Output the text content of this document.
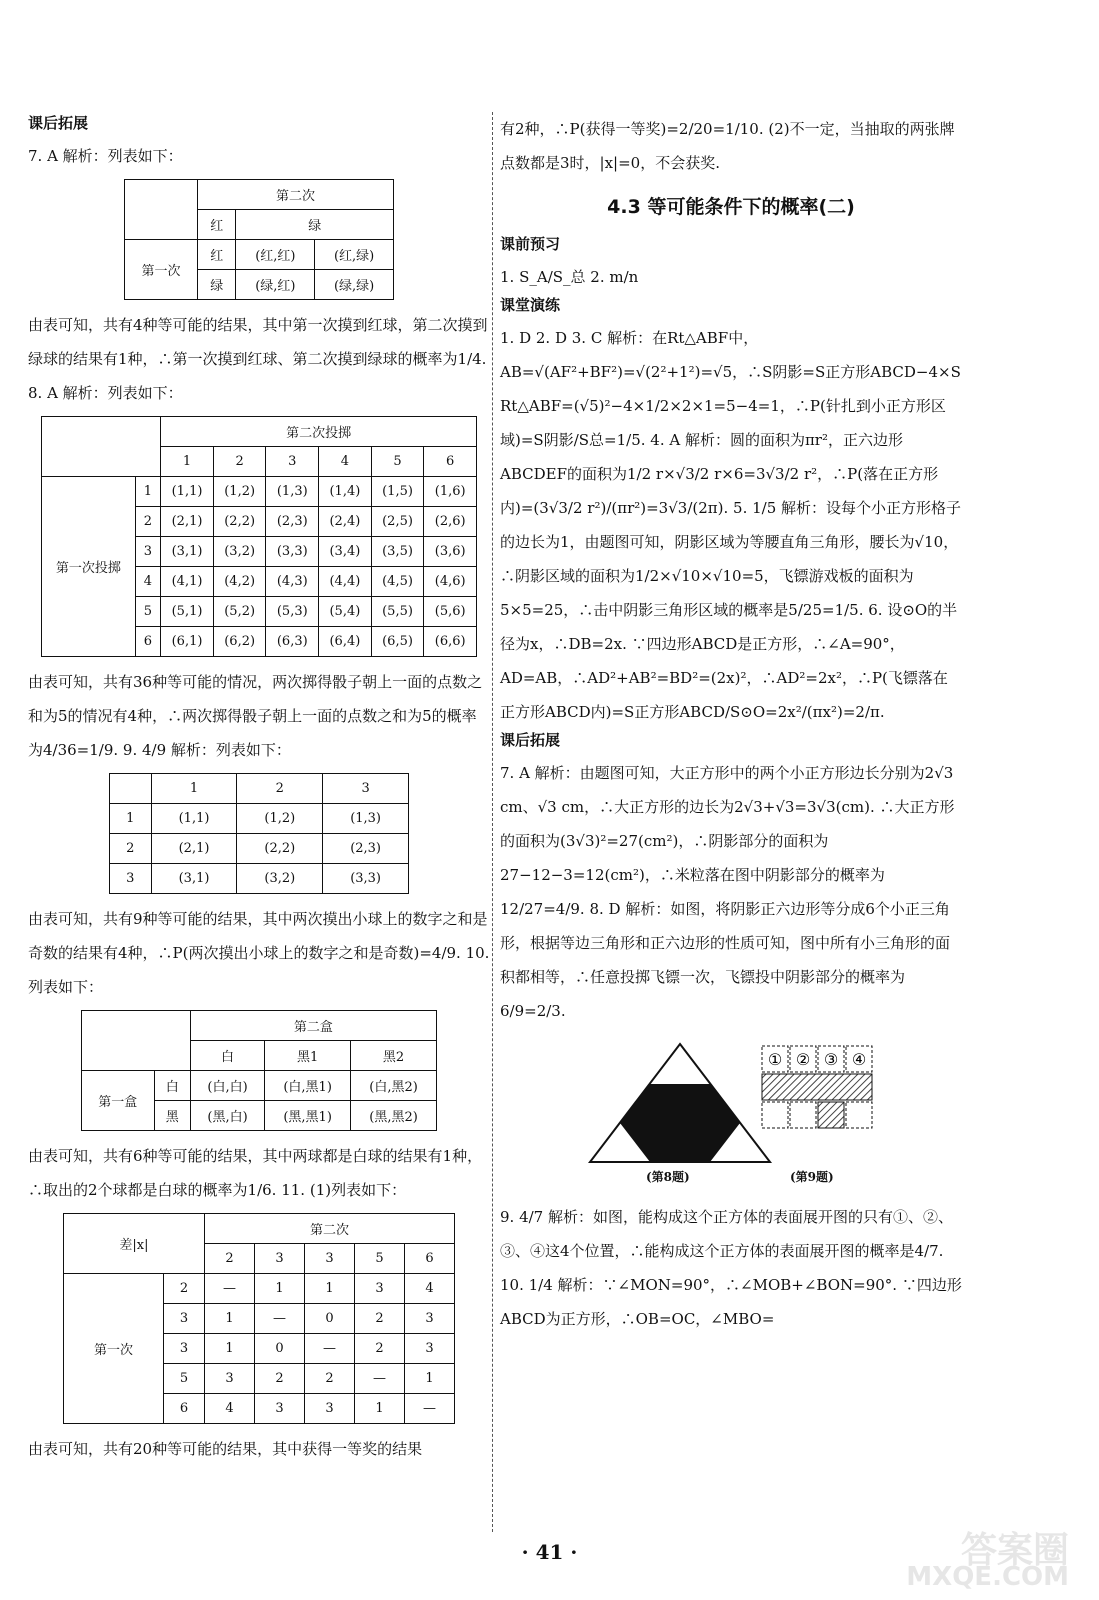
课后拓展

7. A 解析：列表如下：

	第二次		
	红	绿	
第一次	红	(红,红)	(红,绿)
	绿	(绿,红)	(绿,绿)

由表可知，共有4种等可能的结果，其中第一次摸到红球，第二次摸到绿球的结果有1种，∴第一次摸到红球、第二次摸到绿球的概率为1/4. 8. A 解析：列表如下：

		第二次投掷					
		1	2	3	4	5	6
第一次投掷	1	(1,1)	(1,2)	(1,3)	(1,4)	(1,5)	(1,6)
	2	(2,1)	(2,2)	(2,3)	(2,4)	(2,5)	(2,6)
	3	(3,1)	(3,2)	(3,3)	(3,4)	(3,5)	(3,6)
	4	(4,1)	(4,2)	(4,3)	(4,4)	(4,5)	(4,6)
	5	(5,1)	(5,2)	(5,3)	(5,4)	(5,5)	(5,6)
	6	(6,1)	(6,2)	(6,3)	(6,4)	(6,5)	(6,6)

由表可知，共有36种等可能的情况，两次掷得骰子朝上一面的点数之和为5的情况有4种，∴两次掷得骰子朝上一面的点数之和为5的概率为4/36=1/9. 9. 4/9 解析：列表如下：

	1	2	3
1	(1,1)	(1,2)	(1,3)
2	(2,1)	(2,2)	(2,3)
3	(3,1)	(3,2)	(3,3)

由表可知，共有9种等可能的结果，其中两次摸出小球上的数字之和是奇数的结果有4种，∴P(两次摸出小球上的数字之和是奇数)=4/9. 10. 列表如下：

		第二盒		
		白	黑1	黑2
第一盒	白	(白,白)	(白,黑1)	(白,黑2)
	黑	(黑,白)	(黑,黑1)	(黑,黑2)

由表可知，共有6种等可能的结果，其中两球都是白球的结果有1种，∴取出的2个球都是白球的概率为1/6. 11. (1)列表如下：

差|x|		第二次				
		2	3	3	5	6
第一次	2	—	1	1	3	4
	3	1	—	0	2	3
	3	1	0	—	2	3
	5	3	2	2	—	1
	6	4	3	3	1	—

由表可知，共有20种等可能的结果，其中获得一等奖的结果

有2种，∴P(获得一等奖)=2/20=1/10. (2)不一定，当抽取的两张牌点数都是3时，|x|=0，不会获奖.

4.3 等可能条件下的概率(二)
课前预习

1. S_A/S_总 2. m/n

课堂演练

1. D 2. D 3. C 解析：在Rt△ABF中，AB=√(AF²+BF²)=√(2²+1²)=√5，∴S阴影=S正方形ABCD−4×S Rt△ABF=(√5)²−4×1/2×2×1=5−4=1，∴P(针扎到小正方形区域)=S阴影/S总=1/5. 4. A 解析：圆的面积为πr²，正六边形ABCDEF的面积为1/2 r×√3/2 r×6=3√3/2 r²，∴P(落在正方形内)=(3√3/2 r²)/(πr²)=3√3/(2π). 5. 1/5 解析：设每个小正方形格子的边长为1，由题图可知，阴影区域为等腰直角三角形，腰长为√10，∴阴影区域的面积为1/2×√10×√10=5，飞镖游戏板的面积为5×5=25，∴击中阴影三角形区域的概率是5/25=1/5. 6. 设⊙O的半径为x，∴DB=2x. ∵四边形ABCD是正方形，∴∠A=90°，AD=AB，∴AD²+AB²=BD²=(2x)²，∴AD²=2x²，∴P(飞镖落在正方形ABCD内)=S正方形ABCD/S⊙O=2x²/(πx²)=2/π.

课后拓展

7. A 解析：由题图可知，大正方形中的两个小正方形边长分别为2√3 cm、√3 cm，∴大正方形的边长为2√3+√3=3√3(cm). ∴大正方形的面积为(3√3)²=27(cm²)，∴阴影部分的面积为27−12−3=12(cm²)，∴米粒落在图中阴影部分的概率为12/27=4/9. 8. D 解析：如图，将阴影正六边形等分成6个小正三角形，根据等边三角形和正六边形的性质可知，图中所有小三角形的面积都相等，∴任意投掷飞镖一次，飞镖投中阴影部分的概率为6/9=2/3.

(第8题)
① ② ③ ④
(第9题)

9. 4/7 解析：如图，能构成这个正方体的表面展开图的只有①、②、③、④这4个位置，∴能构成这个正方体的表面展开图的概率是4/7. 10. 1/4 解析：∵∠MON=90°，∴∠MOB+∠BON=90°. ∵四边形ABCD为正方形，∴OB=OC，∠MBO=

· 41 ·	答案圈
MXQE.COM
